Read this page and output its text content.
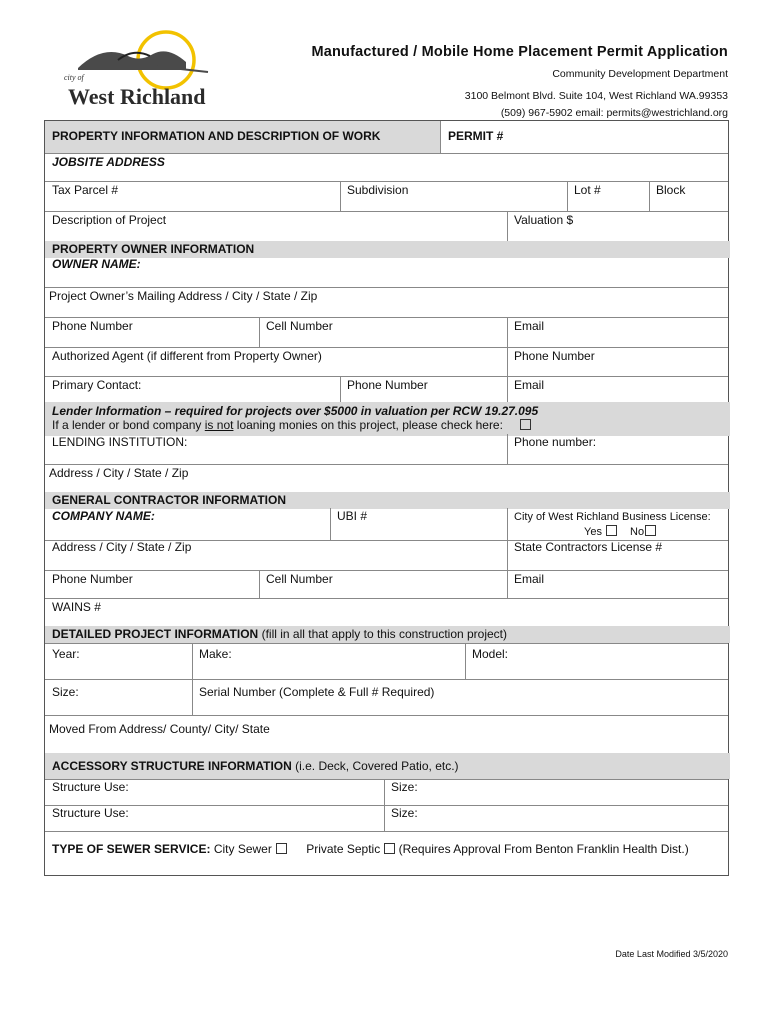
city of
West Richland
Manufactured / Mobile Home Placement Permit Application
Community Development Department
3100 Belmont Blvd. Suite 104, West Richland WA.99353
(509) 967-5902 email: permits@westrichland.org
PROPERTY INFORMATION AND DESCRIPTION OF WORK	PERMIT #
JOBSITE ADDRESS
Tax Parcel #	Subdivision	Lot #	Block
Description of Project	Valuation $
PROPERTY OWNER INFORMATION
OWNER NAME:
Project Owner’s Mailing Address / City / State / Zip
Phone Number	Cell Number	Email
Authorized Agent (if different from Property Owner)	Phone Number
Primary Contact:	Phone Number	Email
Lender Information – required for projects over $5000 in valuation per RCW 19.27.095
If a lender or bond company is not loaning monies on this project, please check here:
LENDING INSTITUTION:	Phone number:
Address / City / State / Zip
GENERAL CONTRACTOR INFORMATION
COMPANY NAME:	UBI #	City of West Richland Business License:
Yes	No
Address / City / State / Zip	State Contractors License #
Phone Number	Cell Number	Email
WAINS #
DETAILED PROJECT INFORMATION (fill in all that apply to this construction project)
Year:	Make:	Model:
Size:	Serial Number (Complete & Full # Required)
Moved From Address/ County/ City/ State
ACCESSORY STRUCTURE INFORMATION (i.e. Deck, Covered Patio, etc.)
Structure Use:	Size:
Structure Use:	Size:
TYPE OF SEWER SERVICE: City Sewer	Private Septic (Requires Approval From Benton Franklin Health Dist.)
Date Last Modified 3/5/2020
